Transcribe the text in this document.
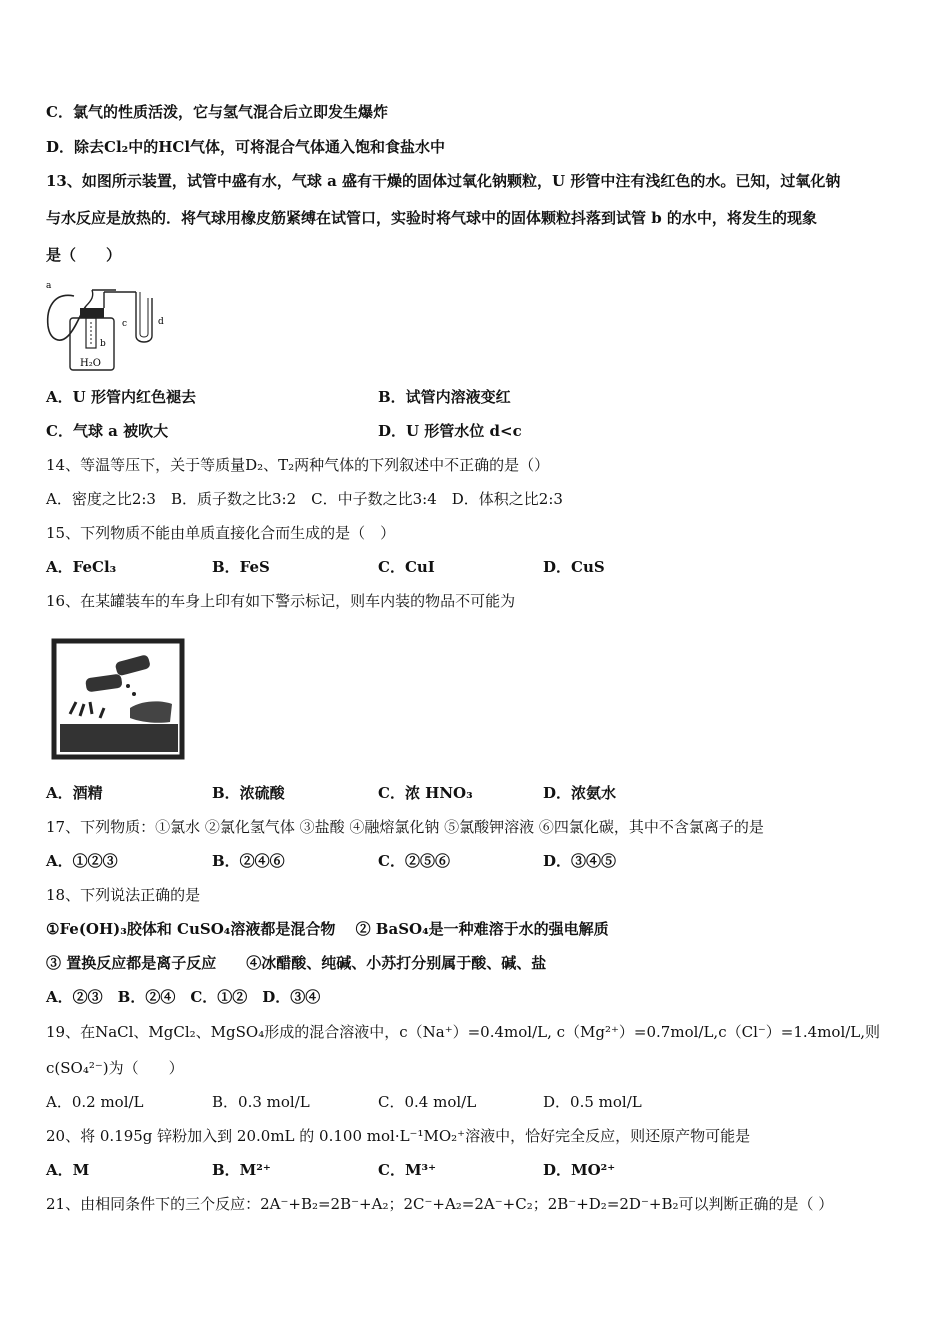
C．氯气的性质活泼，它与氢气混合后立即发生爆炸
D．除去Cl₂中的HCl气体，可将混合气体通入饱和食盐水中
13、如图所示装置，试管中盛有水，气球 a 盛有干燥的固体过氧化钠颗粒，U 形管中注有浅红色的水。已知，过氧化钠
与水反应是放热的．将气球用橡皮筋紧缚在试管口，实验时将气球中的固体颗粒抖落到试管 b 的水中，将发生的现象
是（　　）
a
b
c	d
H₂O
A．U 形管内红色褪去	B．试管内溶液变红
C．气球 a 被吹大	D．U 形管水位 d<c
14、等温等压下，关于等质量D₂、T₂两种气体的下列叙述中不正确的是（）
A．密度之比2:3　B．质子数之比3:2　C．中子数之比3:4　D．体积之比2:3
15、下列物质不能由单质直接化合而生成的是（　）
A．FeCl₃	B．FeS	C．CuI	D．CuS
16、在某罐装车的车身上印有如下警示标记，则车内装的物品不可能为
A．酒精	B．浓硫酸	C．浓 HNO₃	D．浓氨水
17、下列物质：①氯水 ②氯化氢气体 ③盐酸 ④融熔氯化钠 ⑤氯酸钾溶液 ⑥四氯化碳，其中不含氯离子的是
A．①②③	B．②④⑥	C．②⑤⑥	D．③④⑤
18、下列说法正确的是
①Fe(OH)₃胶体和 CuSO₄溶液都是混合物　 ② BaSO₄是一种难溶于水的强电解质
③ 置换反应都是离子反应　　④冰醋酸、纯碱、小苏打分别属于酸、碱、盐
A．②③　B．②④　C．①②　D．③④
19、在NaCl、MgCl₂、MgSO₄形成的混合溶液中，c（Na⁺）=0.4mol/L, c（Mg²⁺）=0.7mol/L,c（Cl⁻）=1.4mol/L,则
c(SO₄²⁻)为（　　）
A．0.2 mol/L	B．0.3 mol/L	C．0.4 mol/L	D．0.5 mol/L
20、将 0.195g 锌粉加入到 20.0mL 的 0.100 mol·L⁻¹MO₂⁺溶液中，恰好完全反应，则还原产物可能是
A．M	B．M²⁺	C．M³⁺	D．MO²⁺
21、由相同条件下的三个反应：2A⁻+B₂=2B⁻+A₂；2C⁻+A₂=2A⁻+C₂；2B⁻+D₂=2D⁻+B₂可以判断正确的是（ ）
